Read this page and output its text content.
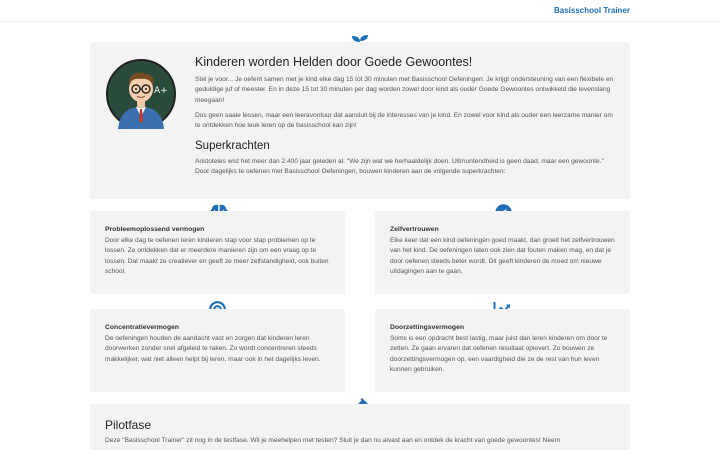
Basisschool Trainer
A+
Kinderen worden Helden door Goede Gewoontes!

Stel je voor... Je oefent samen met je kind elke dag 15 tot 30 minuten met Basisschool Oefeningen. Je krijgt ondersteuning van een flexibele en geduldige juf of meester. En in deze 15 tot 30 minuten per dag worden zowel door kind als ouder Goede Gewoontes ontwikkeld die levenslang meegaan!

Dus geen saaie lessen, maar een leeravontuur dat aansluit bij de interesses van je kind. En zowel voor kind als ouder een leerzame manier om te ontdekken hoe leuk leren op de basisschool kan zijn!

Superkrachten

Aristoteles wist het meer dan 2.400 jaar geleden al: "We zijn wat we herhaaldelijk doen. Uitmuntendheid is geen daad, maar een gewoonte." Door dagelijks te oefenen met Basisschool Oefeningen, bouwen kinderen aan de volgende superkrachten:

Probleemoplossend vermogen
Door elke dag te oefenen leren kinderen stap voor stap problemen op te lossen. Ze ontdekken dat er meerdere manieren zijn om een vraag op te lossen. Dat maakt ze creatiever en geeft ze meer zelfstandigheid, ook buiten school.
Zelfvertrouwen
Elke keer dat een kind oefeningen goed maakt, dan groeit het zelfvertrouwen van het kind. De oefeningen laten ook zien dat fouten maken mag, en dat je door oefenen steeds beter wordt. Dit geeft kinderen de moed om nieuwe uitdagingen aan te gaan.
Concentratievermogen
De oefeningen houden de aandacht vast en zorgen dat kinderen leren doorwerken zonder snel afgeleid te raken. Zo wordt concentreren steeds makkelijker, wat niet alleen helpt bij leren, maar ook in het dagelijks leven.
Doorzettingsvermogen
Soms is een opdracht best lastig, maar juist dan leren kinderen om door te zetten. Ze gaan ervaren dat oefenen resultaat oplevert. Zo bouwen ze doorzettingsvermogen op, een vaardigheid die ze de rest van hun leven kunnen gebruiken.
Pilotfase
Deze "Basisschool Trainer" zit nog in de testfase. Wil je meehelpen met testen? Sluit je dan nu alvast aan en ontdek de kracht van goede gewoontes! Neem
